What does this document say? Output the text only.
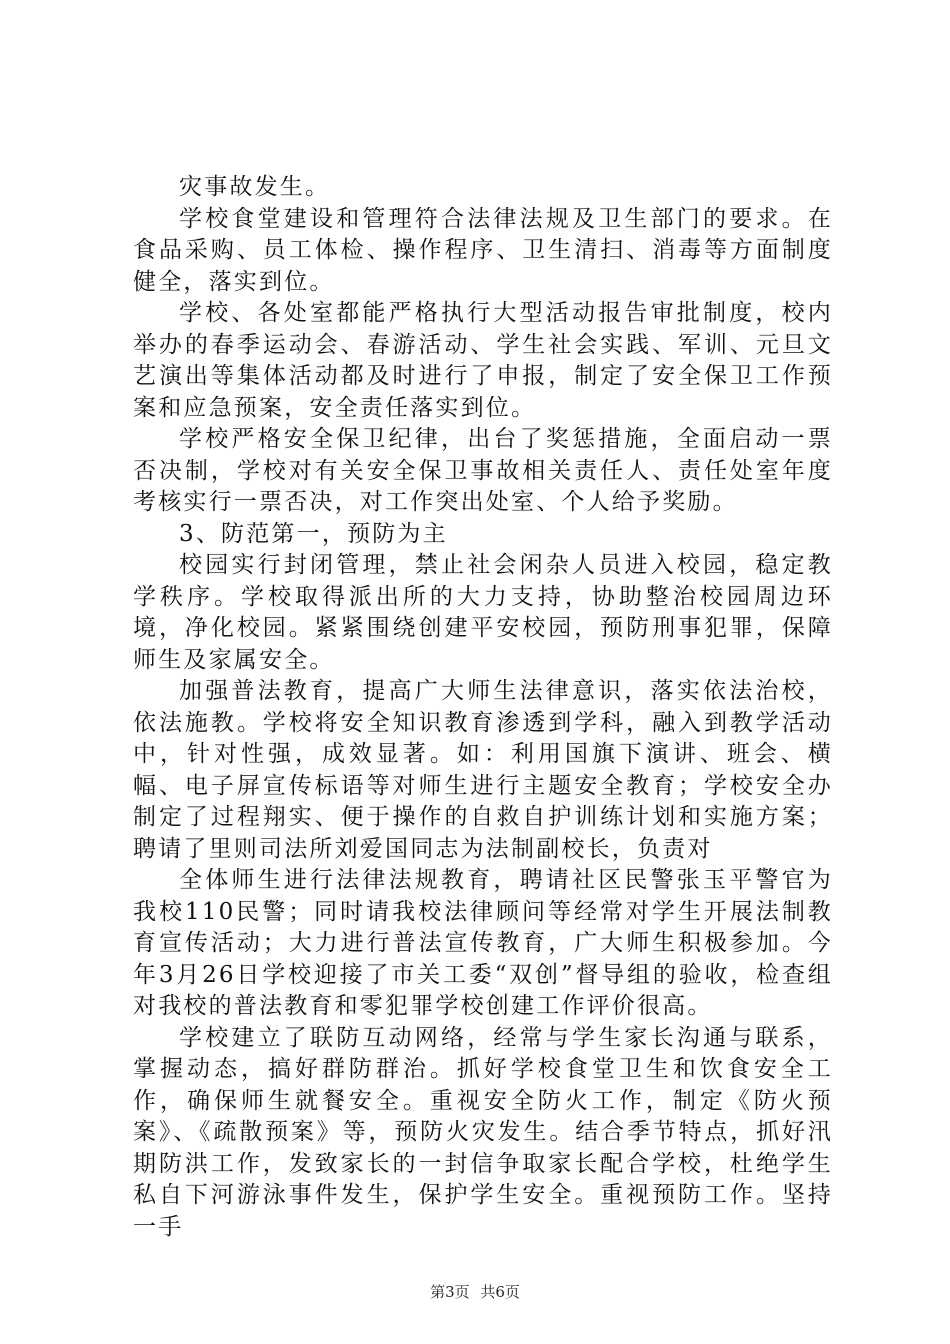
灾事故发生。

学校食堂建设和管理符合法律法规及卫生部门的要求。在食品采购、员工体检、操作程序、卫生清扫、消毒等方面制度健全，落实到位。

学校、各处室都能严格执行大型活动报告审批制度，校内举办的春季运动会、春游活动、学生社会实践、军训、元旦文艺演出等集体活动都及时进行了申报，制定了安全保卫工作预案和应急预案，安全责任落实到位。

学校严格安全保卫纪律，出台了奖惩措施，全面启动一票否决制，学校对有关安全保卫事故相关责任人、责任处室年度考核实行一票否决，对工作突出处室、个人给予奖励。

3、防范第一，预防为主

校园实行封闭管理，禁止社会闲杂人员进入校园，稳定教学秩序。学校取得派出所的大力支持，协助整治校园周边环境，净化校园。紧紧围绕创建平安校园，预防刑事犯罪，保障师生及家属安全。

加强普法教育，提高广大师生法律意识，落实依法治校，依法施教。学校将安全知识教育渗透到学科，融入到教学活动中，针对性强，成效显著。如：利用国旗下演讲、班会、横幅、电子屏宣传标语等对师生进行主题安全教育；学校安全办制定了过程翔实、便于操作的自救自护训练计划和实施方案；聘请了里则司法所刘爱国同志为法制副校长，负责对

全体师生进行法律法规教育，聘请社区民警张玉平警官为我校110民警；同时请我校法律顾问等经常对学生开展法制教育宣传活动；大力进行普法宣传教育，广大师生积极参加。今年3月26日学校迎接了市关工委“双创”督导组的验收，检查组对我校的普法教育和零犯罪学校创建工作评价很高。

学校建立了联防互动网络，经常与学生家长沟通与联系，掌握动态，搞好群防群治。抓好学校食堂卫生和饮食安全工作，确保师生就餐安全。重视安全防火工作，制定《防火预案》、《疏散预案》等，预防火灾发生。结合季节特点，抓好汛期防洪工作，发致家长的一封信争取家长配合学校，杜绝学生私自下河游泳事件发生，保护学生安全。重视预防工作。坚持一手

第3页 共6页
